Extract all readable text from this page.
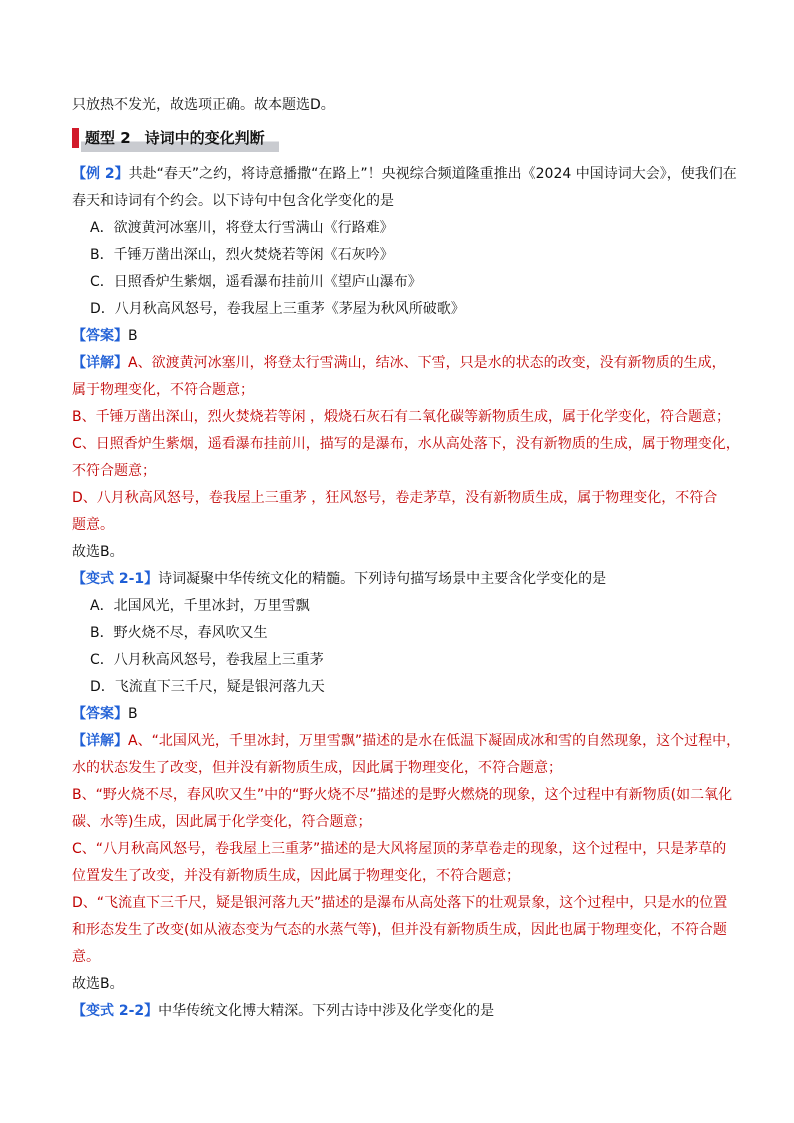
只放热不发光，故选项正确。故本题选D。
题型 2 诗词中的变化判断
【例 2】共赴“春天”之约，将诗意播撒“在路上”！央视综合频道隆重推出《2024 中国诗词大会》，使我们在
春天和诗词有个约会。以下诗句中包含化学变化的是
A．欲渡黄河冰塞川，将登太行雪满山《行路难》
B．千锤万凿出深山，烈火焚烧若等闲《石灰吟》
C．日照香炉生紫烟，遥看瀑布挂前川《望庐山瀑布》
D．八月秋高风怒号，卷我屋上三重茅《茅屋为秋风所破歌》
【答案】B
【详解】A、欲渡黄河冰塞川，将登太行雪满山，结冰、下雪，只是水的状态的改变，没有新物质的生成，
属于物理变化，不符合题意；
B、千锤万凿出深山，烈火焚烧若等闲 ，煅烧石灰石有二氧化碳等新物质生成，属于化学变化，符合题意；
C、日照香炉生紫烟，遥看瀑布挂前川，描写的是瀑布，水从高处落下，没有新物质的生成，属于物理变化，
不符合题意；
D、八月秋高风怒号，卷我屋上三重茅 ，狂风怒号，卷走茅草，没有新物质生成，属于物理变化，不符合
题意。
故选B。
【变式 2-1】诗词凝聚中华传统文化的精髓。下列诗句描写场景中主要含化学变化的是
A．北国风光，千里冰封，万里雪飘
B．野火烧不尽，春风吹又生
C．八月秋高风怒号，卷我屋上三重茅
D．飞流直下三千尺，疑是银河落九天
【答案】B
【详解】A、“北国风光，千里冰封，万里雪飘”描述的是水在低温下凝固成冰和雪的自然现象，这个过程中，
水的状态发生了改变，但并没有新物质生成，因此属于物理变化，不符合题意；
B、“野火烧不尽，春风吹又生”中的“野火烧不尽”描述的是野火燃烧的现象，这个过程中有新物质(如二氧化
碳、水等)生成，因此属于化学变化，符合题意；
C、“八月秋高风怒号，卷我屋上三重茅”描述的是大风将屋顶的茅草卷走的现象，这个过程中，只是茅草的
位置发生了改变，并没有新物质生成，因此属于物理变化，不符合题意；
D、“飞流直下三千尺，疑是银河落九天”描述的是瀑布从高处落下的壮观景象，这个过程中，只是水的位置
和形态发生了改变(如从液态变为气态的水蒸气等)，但并没有新物质生成，因此也属于物理变化，不符合题
意。
故选B。
【变式 2-2】中华传统文化博大精深。下列古诗中涉及化学变化的是
